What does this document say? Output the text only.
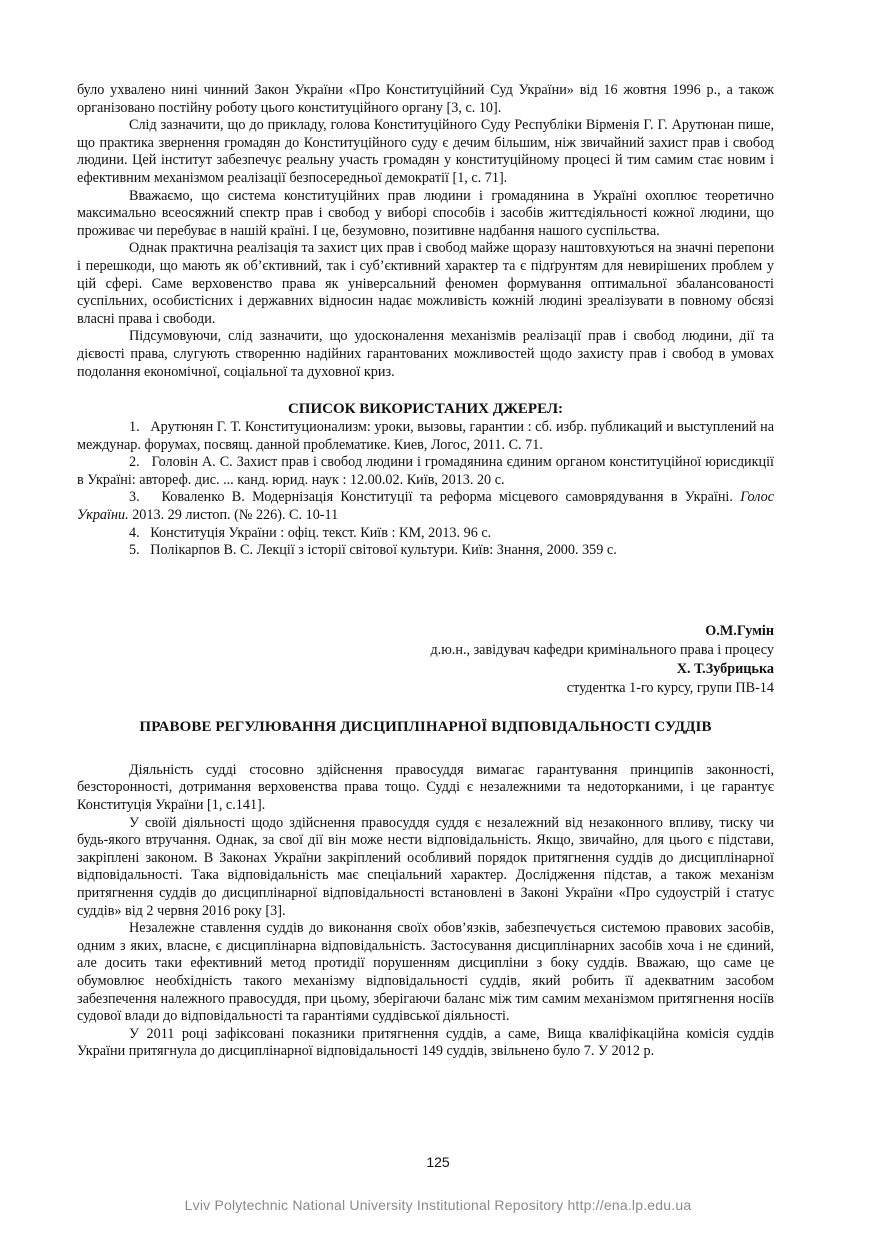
було ухвалено нині чинний Закон України «Про Конституційний Суд України» від 16 жовтня 1996 р., а також організовано постійну роботу цього конституційного органу [3, с. 10].

Слід зазначити, що до прикладу, голова Конституційного Суду Республіки Вірменія Г. Г. Арутюнан пише, що практика звернення громадян до Конституційного суду є дечим більшим, ніж звичайний захист прав і свобод людини. Цей інститут забезпечує реальну участь громадян у конституційному процесі й тим самим стає новим і ефективним механізмом реалізації безпосередньої демократії [1, с. 71].

Вважаємо, що система конституційних прав людини і громадянина в Україні охоплює теоретично максимально всеосяжний спектр прав і свобод у виборі способів і засобів життєдіяльності кожної людини, що проживає чи перебуває в нашій країні. І це, безумовно, позитивне надбання нашого суспільства.

Однак практична реалізація та захист цих прав і свобод майже щоразу наштовхуються на значні перепони і перешкоди, що мають як об’єктивний, так і суб’єктивний характер та є підґрунтям для невирішених проблем у цій сфері. Саме верховенство права як універсальний феномен формування оптимальної збалансованості суспільних, особистісних і державних відносин надає можливість кожній людині зреалізувати в повному обсязі власні права і свободи.

Підсумовуючи, слід зазначити, що удосконалення механізмів реалізації прав і свобод людини, дії та дієвості права, слугують створенню надійних гарантованих можливостей щодо захисту прав і свобод в умовах подолання економічної, соціальної та духовної криз.

СПИСОК ВИКОРИСТАНИХ ДЖЕРЕЛ:

1. Арутюнян Г. Т. Конституционализм: уроки, вызовы, гарантии : сб. избр. публикаций и выступлений на междунар. форумах, посвящ. данной проблематике. Киев, Логос, 2011. С. 71.

2. Головін А. С. Захист прав і свобод людини і громадянина єдиним органом конституційної юрисдикції в Україні: автореф. дис. ... канд. юрид. наук : 12.00.02. Київ, 2013. 20 с.

3. Коваленко В. Модернізація Конституції та реформа місцевого самоврядування в Україні. Голос України. 2013. 29 листоп. (№ 226). С. 10-11

4. Конституція України : офіц. текст. Київ : КМ, 2013. 96 с.

5. Полікарпов В. С. Лекції з історії світової культури. Київ: Знання, 2000. 359 с.

О.М.Гумін
д.ю.н., завідувач кафедри кримінального права і процесу
Х. Т.Зубрицька
студентка 1-го курсу, групи ПВ-14
ПРАВОВЕ РЕГУЛЮВАННЯ ДИСЦИПЛІНАРНОЇ ВІДПОВІДАЛЬНОСТІ СУДДІВ

Діяльність судді стосовно здійснення правосуддя вимагає гарантування принципів законності, безсторонності, дотримання верховенства права тощо. Судді є незалежними та недоторканими, і це гарантує Конституція України [1, с.141].

У своїй діяльності щодо здійснення правосуддя суддя є незалежний від незаконного впливу, тиску чи будь-якого втручання. Однак, за свої дії він може нести відповідальність. Якщо, звичайно, для цього є підстави, закріплені законом. В Законах України закріплений особливий порядок притягнення суддів до дисциплінарної відповідальності. Така відповідальність має спеціальний характер. Дослідження підстав, а також механізм притягнення суддів до дисциплінарної відповідальності встановлені в Законі України «Про судоустрій і статус суддів» від 2 червня 2016 року [3].

Незалежне ставлення суддів до виконання своїх обов’язків, забезпечується системою правових засобів, одним з яких, власне, є дисциплінарна відповідальність. Застосування дисциплінарних засобів хоча і не єдиний, але досить таки ефективний метод протидії порушенням дисципліни з боку суддів. Вважаю, що саме це обумовлює необхідність такого механізму відповідальності суддів, який робить її адекватним засобом забезпечення належного правосуддя, при цьому, зберігаючи баланс між тим самим механізмом притягнення носіїв судової влади до відповідальності та гарантіями суддівської діяльності.

У 2011 році зафіксовані показники притягнення суддів, а саме, Вища кваліфікаційна комісія суддів України притягнула до дисциплінарної відповідальності 149 суддів, звільнено було 7. У 2012 р.

125
Lviv Polytechnic National University Institutional Repository http://ena.lp.edu.ua
